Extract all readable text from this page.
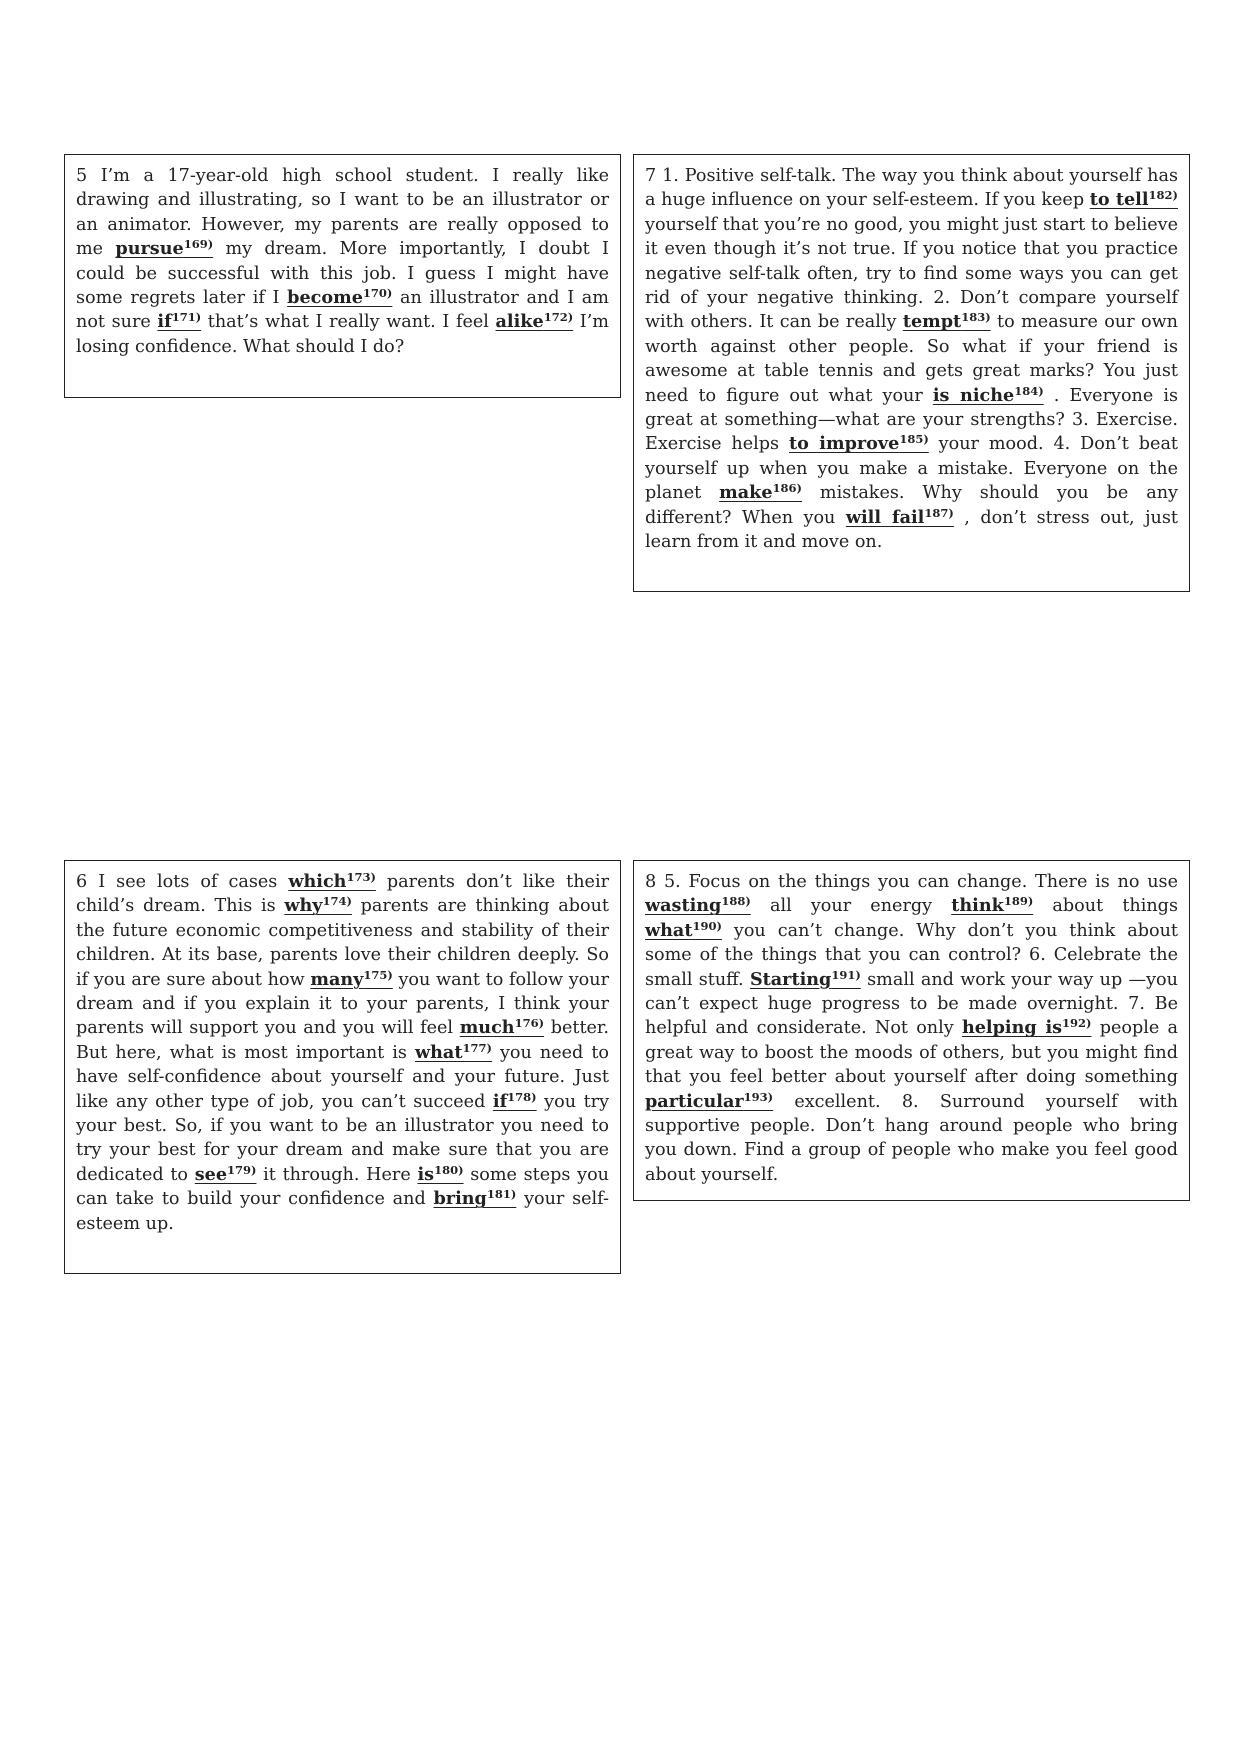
5 I’m a 17-year-old high school student. I really like drawing and illustrating, so I want to be an illustrator or an animator. However, my parents are really opposed to me pursue$^{169)}$ my dream. More importantly, I doubt I could be successful with this job. I guess I might have some regrets later if I become$^{170)}$ an illustrator and I am not sure $if^{171)}$ that’s what I really want. I feel alike$^{172)}$ I’m losing confidence. What should I do?

7 1. Positive self-talk. The way you think about yourself has a huge influence on your self-esteem. If you keep to tell$^{182)}$ yourself that you’re no good, you might just start to believe it even though it’s not true. If you notice that you practice negative self-talk often, try to find some ways you can get rid of your negative thinking. 2. Don’t compare yourself with others. It can be really tempt$^{183)}$ to measure our own worth against other people. So what if your friend is awesome at table tennis and gets great marks? You just need to figure out what your is niche$^{184)}$ . Everyone is great at something—what are your strengths? 3. Exercise. Exercise helps to improve$^{185)}$ your mood. 4. Don’t beat yourself up when you make a mistake. Everyone on the planet make$^{186)}$ mistakes. Why should you be any different? When you will fail$^{187)}$ , don’t stress out, just learn from it and move on.

6 I see lots of cases which$^{173)}$ parents don’t like their child’s dream. This is why$^{174)}$ parents are thinking about the future economic competitiveness and stability of their children. At its base, parents love their children deeply. So if you are sure about how many$^{175)}$ you want to follow your dream and if you explain it to your parents, I think your parents will support you and you will feel much$^{176)}$ better. But here, what is most important is what$^{177)}$ you need to have self-confidence about yourself and your future. Just like any other type of job, you can’t succeed $if^{178)}$ you try your best. So, if you want to be an illustrator you need to try your best for your dream and make sure that you are dedicated to see$^{179)}$ it through. Here $is^{180)}$ some steps you can take to build your confidence and bring$^{181)}$ your self-esteem up.

8 5. Focus on the things you can change. There is no use wasting$^{188)}$ all your energy think$^{189)}$ about things what$^{190)}$ you can’t change. Why don’t you think about some of the things that you can control? 6. Celebrate the small stuff. Starting$^{191)}$ small and work your way up —you can’t expect huge progress to be made overnight. 7. Be helpful and considerate. Not only helping $is^{192)}$ people a great way to boost the moods of others, but you might find that you feel better about yourself after doing something particular$^{193)}$ excellent. 8. Surround yourself with supportive people. Don’t hang around people who bring you down. Find a group of people who make you feel good about yourself.
